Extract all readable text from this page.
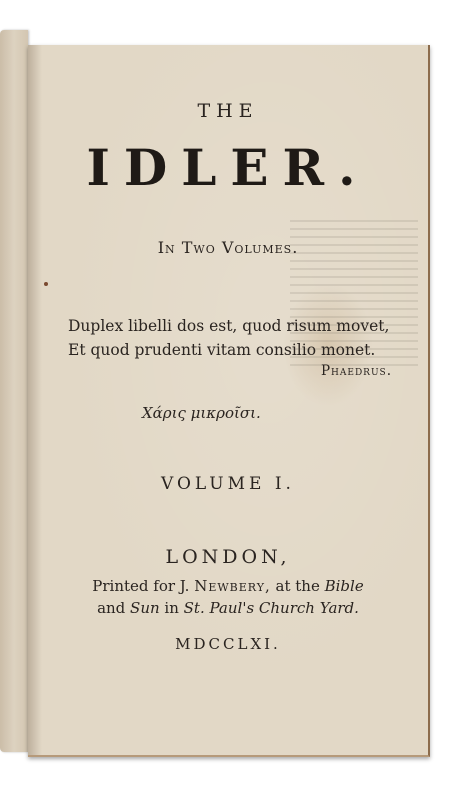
THE
IDLER.
In Two Volumes.
Duplex libelli dos est, quod risum movet,
Et quod prudenti vitam consilio monet.
Phaedrus.
Χάρις μικροῖσι.
VOLUME I.
LONDON,
Printed for J. Newbery, at the Bible
and Sun in St. Paul's Church Yard.
MDCCLXI.
